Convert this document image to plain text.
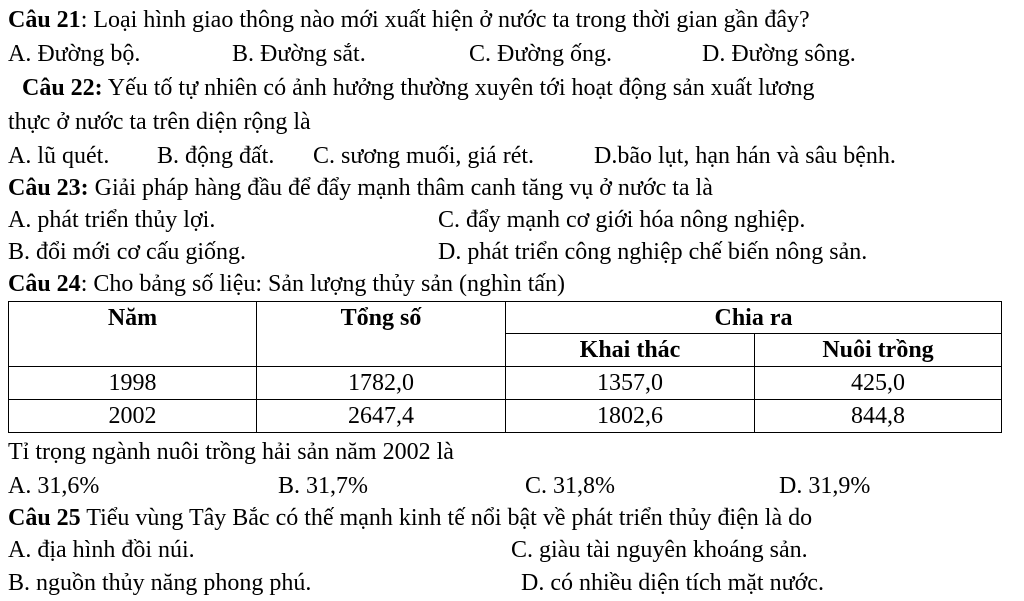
Câu 21: Loại hình giao thông nào mới xuất hiện ở nước ta trong thời gian gần đây?
A. Đường bộ.	B. Đường sắt.	C. Đường ống.	D. Đường sông.
Câu 22: Yếu tố tự nhiên có ảnh hưởng thường xuyên tới hoạt động sản xuất lương
thực ở nước ta trên diện rộng là
A. lũ quét. B. động đất. C. sương muối, giá rét. D.bão lụt, hạn hán và sâu bệnh.
Câu 23: Giải pháp hàng đầu để đẩy mạnh thâm canh tăng vụ ở nước ta là
A. phát triển thủy lợi.	C. đẩy mạnh cơ giới hóa nông nghiệp.
B. đổi mới cơ cấu giống.	D. phát triển công nghiệp chế biến nông sản.
Câu 24: Cho bảng số liệu: Sản lượng thủy sản (nghìn tấn)
Năm	Tổng số	Chia ra	
		Khai thác	Nuôi trồng
1998	1782,0	1357,0	425,0
2002	2647,4	1802,6	844,8
Tỉ trọng ngành nuôi trồng hải sản năm 2002 là
A. 31,6%	B. 31,7%	C. 31,8%	D. 31,9%
Câu 25 Tiểu vùng Tây Bắc có thế mạnh kinh tế nổi bật về phát triển thủy điện là do
A. địa hình đồi núi.	C. giàu tài nguyên khoáng sản.
B. nguồn thủy năng phong phú.	D. có nhiều diện tích mặt nước.
